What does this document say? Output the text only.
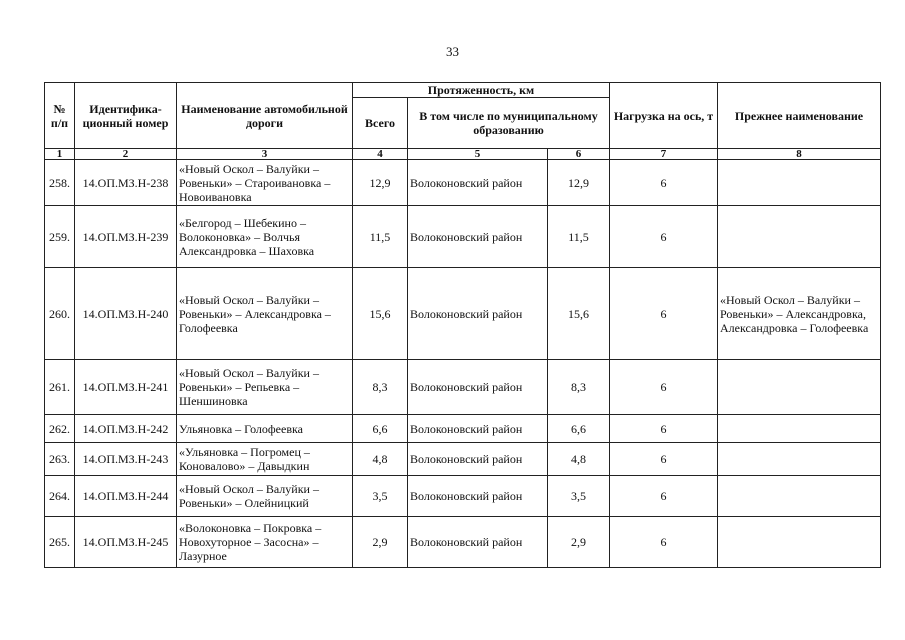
33
№ п/п	Идентифика-ционный номер	Наименование автомобильной дороги	Протяженность, км			Нагрузка на ось, т	Прежнее наименование
			Всего	В том числе по муниципальному образованию			
1	2	3	4	5	6	7	8
258.	14.ОП.МЗ.Н-238	«Новый Оскол – Валуйки – Ровеньки» – Староивановка – Новоивановка	12,9	Волоконовский район	12,9	6	
259.	14.ОП.МЗ.Н-239	«Белгород – Шебекино – Волоконовка» – Волчья Александровка – Шаховка	11,5	Волоконовский район	11,5	6	
260.	14.ОП.МЗ.Н-240	«Новый Оскол – Валуйки – Ровеньки» – Александровка – Голофеевка	15,6	Волоконовский район	15,6	6	«Новый Оскол – Валуйки – Ровеньки» – Александровка, Александровка – Голофеевка
261.	14.ОП.МЗ.Н-241	«Новый Оскол – Валуйки – Ровеньки» – Репьевка – Шеншиновка	8,3	Волоконовский район	8,3	6	
262.	14.ОП.МЗ.Н-242	Ульяновка – Голофеевка	6,6	Волоконовский район	6,6	6	
263.	14.ОП.МЗ.Н-243	«Ульяновка – Погромец – Коновалово» – Давыдкин	4,8	Волоконовский район	4,8	6	
264.	14.ОП.МЗ.Н-244	«Новый Оскол – Валуйки – Ровеньки» – Олейницкий	3,5	Волоконовский район	3,5	6	
265.	14.ОП.МЗ.Н-245	«Волоконовка – Покровка – Новохуторное – Засосна» – Лазурное	2,9	Волоконовский район	2,9	6	
